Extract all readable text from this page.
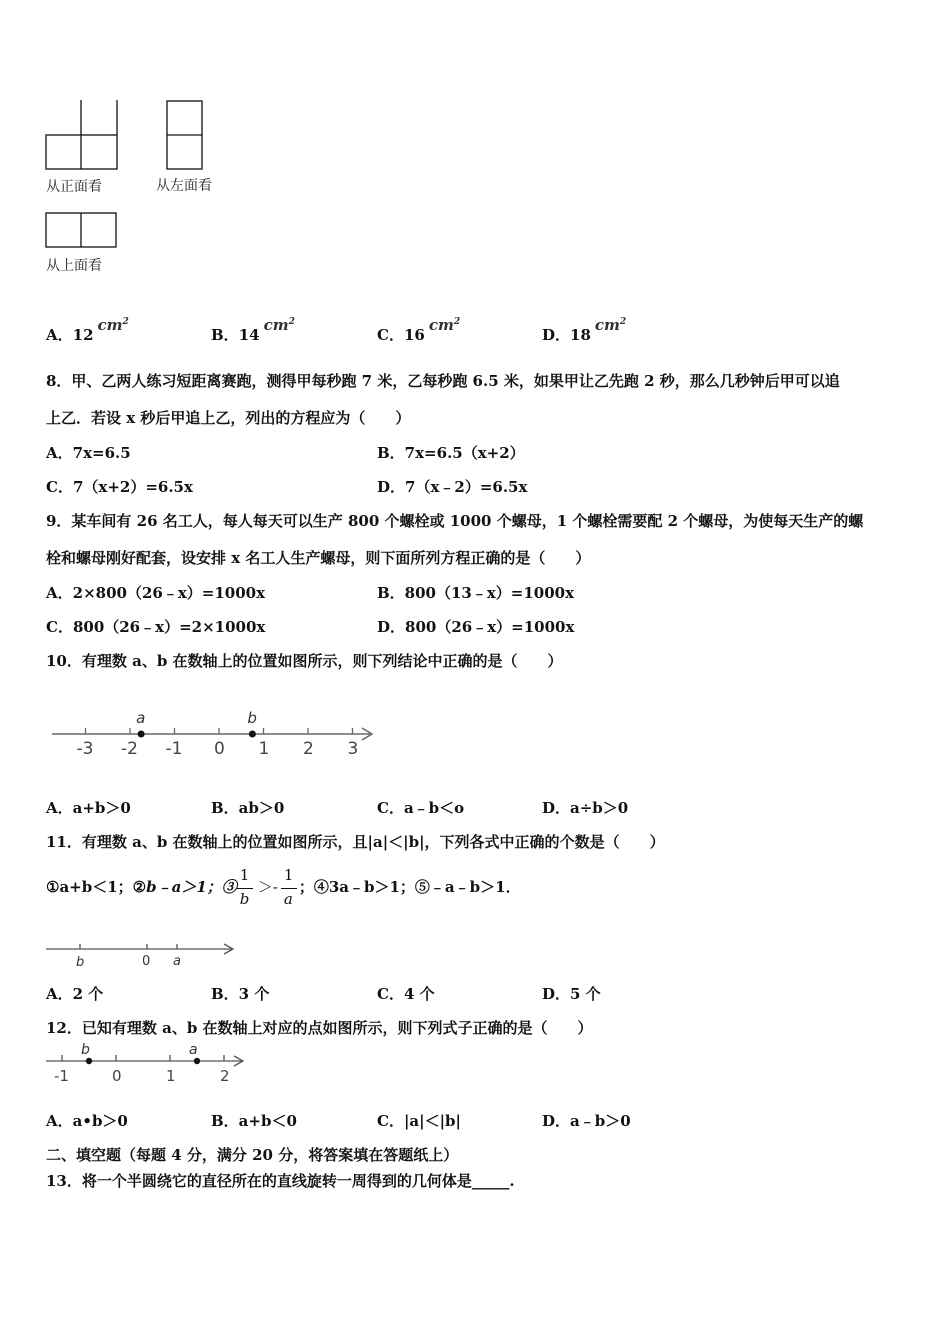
从正面看	从左面看
从上面看
A．$12cm^2$
B．$14cm^2$
C．$16cm^2$
D．$18cm^2$
8．甲、乙两人练习短距离赛跑，测得甲每秒跑 7 米，乙每秒跑 6.5 米，如果甲让乙先跑 2 秒，那么几秒钟后甲可以追
上乙．若设 x 秒后甲追上乙，列出的方程应为（　　）
A．7x=6.5	B．7x=6.5（x+2）
C．7（x+2）=6.5x	D．7（x﹣2）=6.5x
9．某车间有 26 名工人，每人每天可以生产 800 个螺栓或 1000 个螺母，1 个螺栓需要配 2 个螺母，为使每天生产的螺
栓和螺母刚好配套，设安排 x 名工人生产螺母，则下面所列方程正确的是（　　）
A．2×800（26﹣x）=1000x	B．800（13﹣x）=1000x
C．800（26﹣x）=2×1000x	D．800（26﹣x）=1000x
10．有理数 a、b 在数轴上的位置如图所示，则下列结论中正确的是（　　）
-3 -2 -1 0 1 2 3
a	b
A．a+b＞0	B．ab＞0	C．a﹣b＜o	D．a÷b＞0
11．有理数 a、b 在数轴上的位置如图所示，且|a|＜|b|，下列各式中正确的个数是（　　）
①a+b＜1；②b﹣a＞1；③ $\frac{1}{b} >- \frac{1}{a}$ ；④3a﹣b＞1；⑤﹣a﹣b＞1．
b	0 a
A．2 个	B．3 个	C．4 个	D．5 个
12．已知有理数 a、b 在数轴上对应的点如图所示，则下列式子正确的是（　　）
-1	0	1	2
b	a
A．a•b＞0	B．a+b＜0	C．|a|＜|b|	D．a﹣b＞0
二、填空题（每题 4 分，满分 20 分，将答案填在答题纸上）
13．将一个半圆绕它的直径所在的直线旋转一周得到的几何体是_____.
